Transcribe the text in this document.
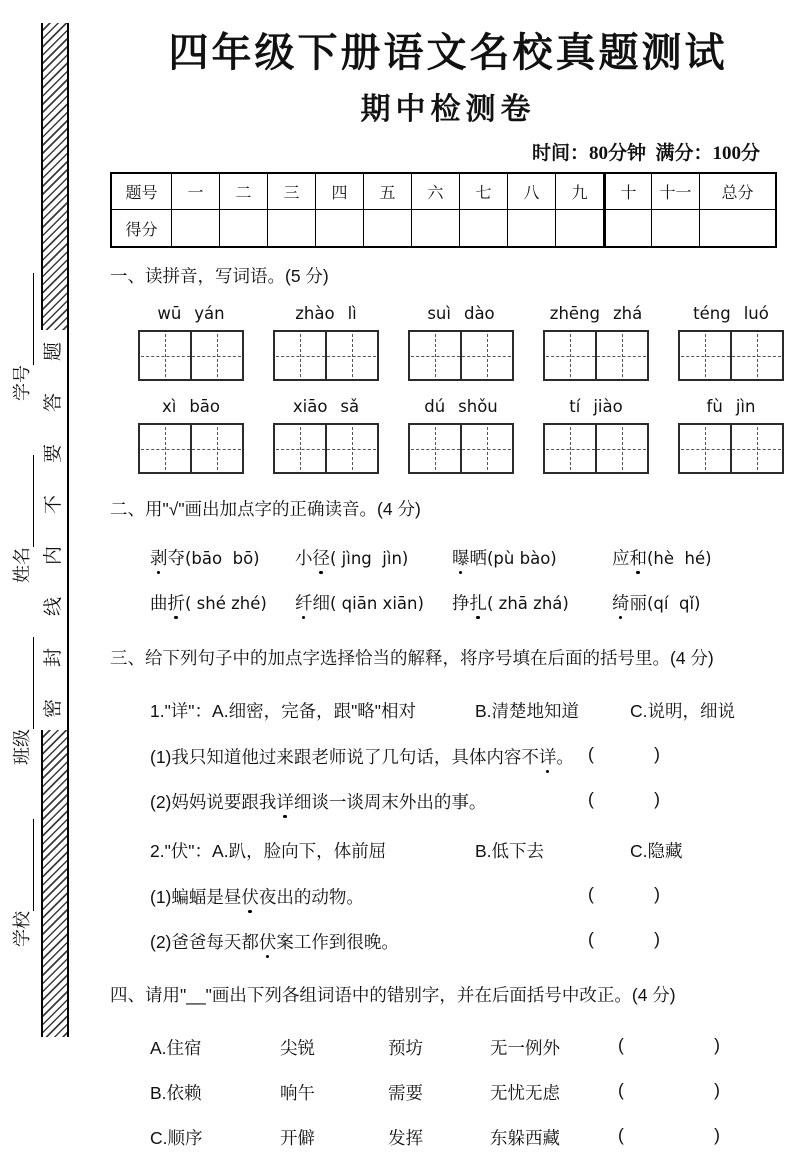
学校
班级
姓名
学号
题
答
要
不
内
线
封
密
四年级下册语文名校真题测试
期中检测卷
时间：80分钟  满分：100分
题号	一	二	三	四	五	六	七	八	九	十	十一	总分
得分
一、读拼音，写词语。(5 分)
wū yán	zhào lì	suì dào	zhēng zhá	téng luó
xì bāo	xiāo sǎ	dú shǒu	tí jiào	fù jìn
二、用"√"画出加点字的正确读音。(4 分)
剥夺(bāo  bō) 小径( jìng  jìn) 曝晒(pù bào)	应和(hè  hé)
曲折( shé zhé) 纤细( qiān xiān) 挣扎( zhā zhá) 绮丽(qí  qǐ)
三、给下列句子中的加点字选择恰当的解释，将序号填在后面的括号里。(4 分)
1."详"：A.细密，完备，跟"略"相对	B.清楚地知道	C.说明，细说
(1)我只知道他过来跟老师说了几句话，具体内容不详。 (	)
(2)妈妈说要跟我详细谈一谈周末外出的事。	(	)
2."伏"：A.趴，脸向下，体前屈	B.低下去	C.隐藏
(1)蝙蝠是昼伏夜出的动物。	(	)
(2)爸爸每天都伏案工作到很晚。	(	)
四、请用"__"画出下列各组词语中的错别字，并在后面括号中改正。(4 分)
A.住宿	尖锐	预坊	无一例外	(	)
B.依赖	响午	需要	无忧无虑	(	)
C.顺序	开僻	发挥	东躲西藏	(	)
